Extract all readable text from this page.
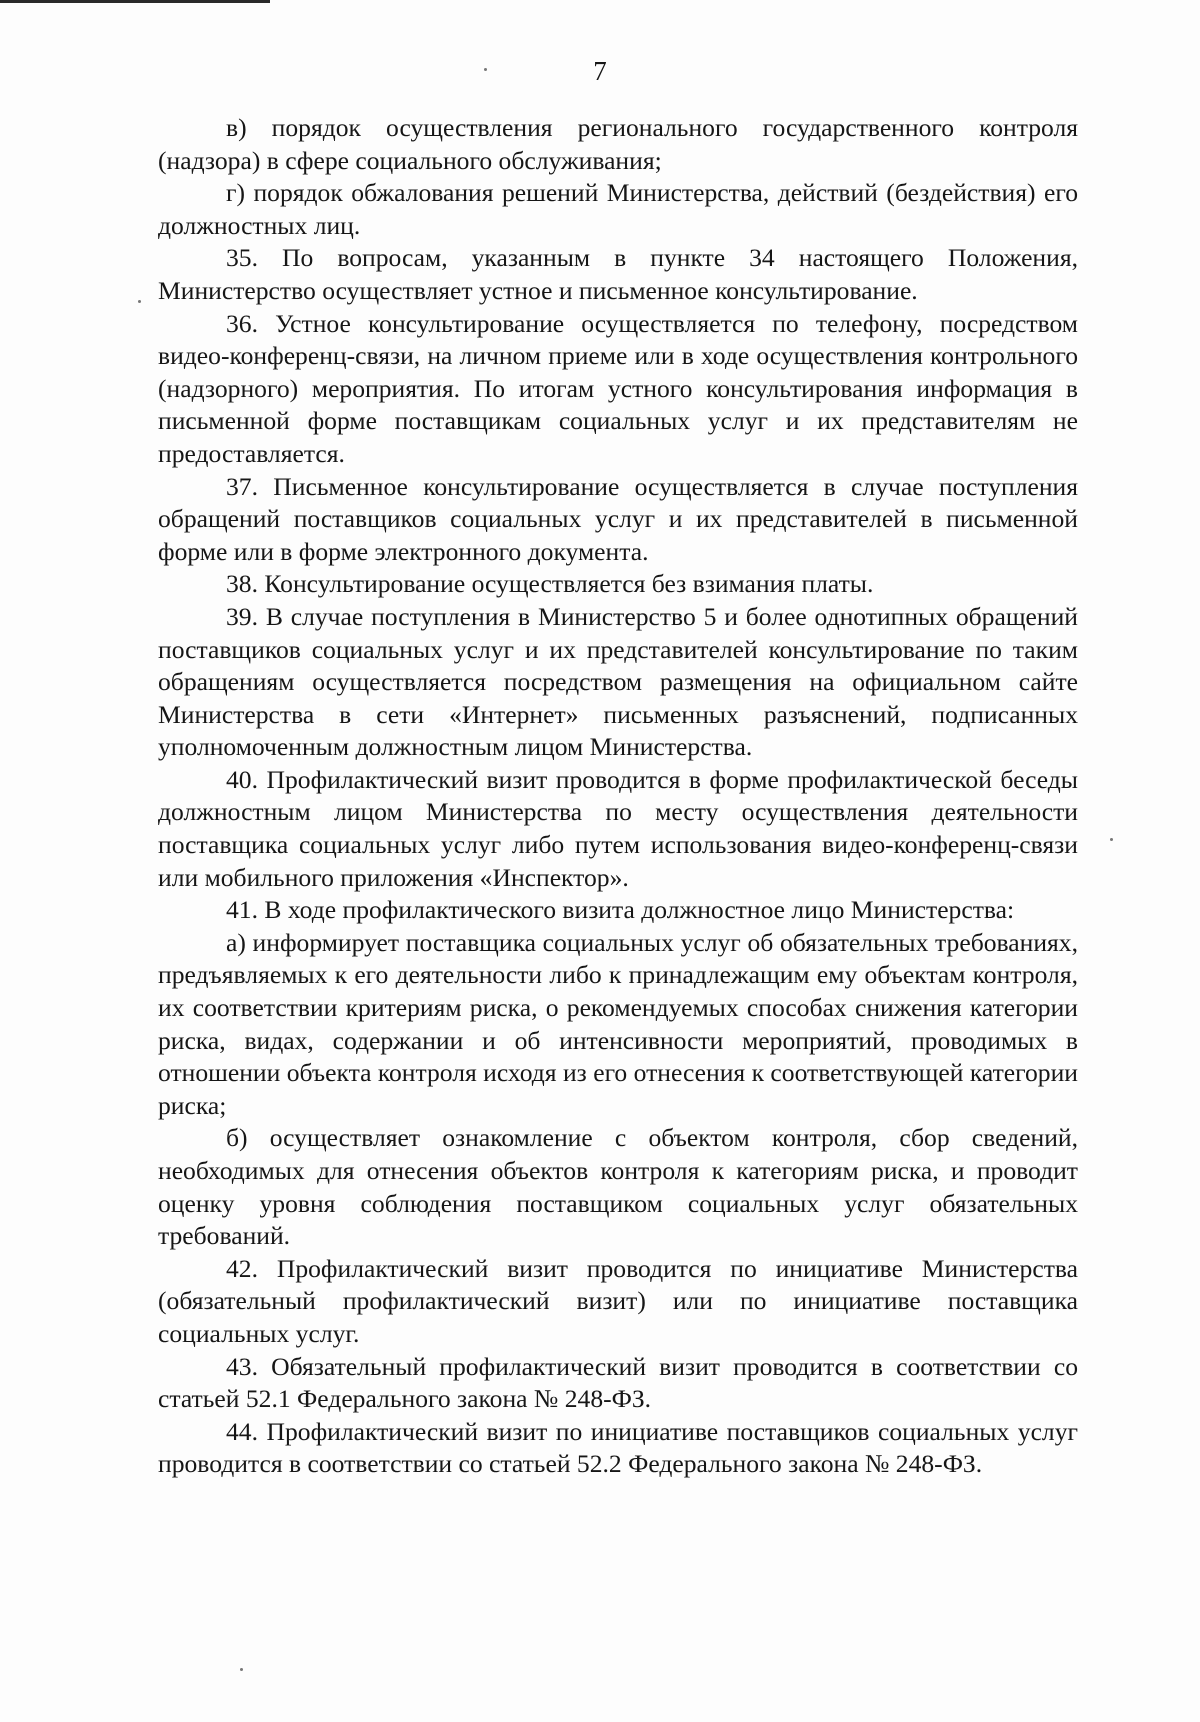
7

в) порядок осуществления регионального государственного контроля (надзора) в сфере социального обслуживания;

г) порядок обжалования решений Министерства, действий (бездействия) его должностных лиц.

35. По вопросам, указанным в пункте 34 настоящего Положения, Министерство осуществляет устное и письменное консультирование.

36. Устное консультирование осуществляется по телефону, посредством видео-конференц-связи, на личном приеме или в ходе осуществления контрольного (надзорного) мероприятия. По итогам устного консультирования информация в письменной форме поставщикам социальных услуг и их представителям не предоставляется.

37. Письменное консультирование осуществляется в случае поступления обращений поставщиков социальных услуг и их представителей в письменной форме или в форме электронного документа.

38. Консультирование осуществляется без взимания платы.

39. В случае поступления в Министерство 5 и более однотипных обращений поставщиков социальных услуг и их представителей консультирование по таким обращениям осуществляется посредством размещения на официальном сайте Министерства в сети «Интернет» письменных разъяснений, подписанных уполномоченным должностным лицом Министерства.

40. Профилактический визит проводится в форме профилактической беседы должностным лицом Министерства по месту осуществления деятельности поставщика социальных услуг либо путем использования видео-конференц-связи или мобильного приложения «Инспектор».

41. В ходе профилактического визита должностное лицо Министерства:

а) информирует поставщика социальных услуг об обязательных требованиях, предъявляемых к его деятельности либо к принадлежащим ему объектам контроля, их соответствии критериям риска, о рекомендуемых способах снижения категории риска, видах, содержании и об интенсивности мероприятий, проводимых в отношении объекта контроля исходя из его отнесения к соответствующей категории риска;

б) осуществляет ознакомление с объектом контроля, сбор сведений, необходимых для отнесения объектов контроля к категориям риска, и проводит оценку уровня соблюдения поставщиком социальных услуг обязательных требований.

42. Профилактический визит проводится по инициативе Министерства (обязательный профилактический визит) или по инициативе поставщика социальных услуг.

43. Обязательный профилактический визит проводится в соответствии со статьей 52.1 Федерального закона № 248-ФЗ.

44. Профилактический визит по инициативе поставщиков социальных услуг проводится в соответствии со статьей 52.2 Федерального закона № 248-ФЗ.
